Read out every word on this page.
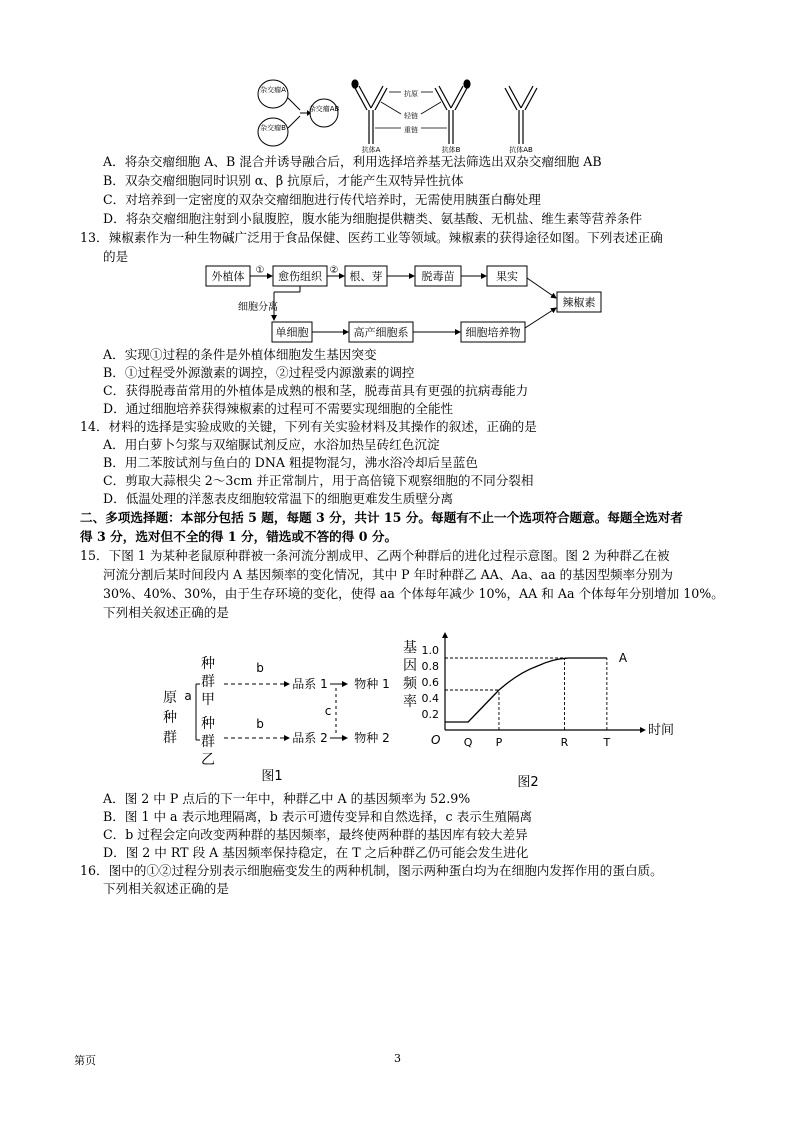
杂交瘤A
杂交瘤B
杂交瘤AB
抗体A	抗体B
抗原
轻链
重链
抗体AB
A．将杂交瘤细胞 A、B 混合并诱导融合后，利用选择培养基无法筛选出双杂交瘤细胞 AB
B．双杂交瘤细胞同时识别 α、β 抗原后，才能产生双特异性抗体
C．对培养到一定密度的双杂交瘤细胞进行传代培养时，无需使用胰蛋白酶处理
D．将杂交瘤细胞注射到小鼠腹腔，腹水能为细胞提供糖类、氨基酸、无机盐、维生素等营养条件
13．辣椒素作为一种生物碱广泛用于食品保健、医药工业等领域。辣椒素的获得途径如图。下列表述正确
的是
外植体 ① 愈伤组织 ② 根、芽	脱毒苗	果实
辣椒素
细胞分离
单细胞	高产细胞系	细胞培养物
A．实现①过程的条件是外植体细胞发生基因突变
B．①过程受外源激素的调控，②过程受内源激素的调控
C．获得脱毒苗常用的外植体是成熟的根和茎，脱毒苗具有更强的抗病毒能力
D．通过细胞培养获得辣椒素的过程可不需要实现细胞的全能性
14．材料的选择是实验成败的关键，下列有关实验材料及其操作的叙述，正确的是
A．用白萝卜匀浆与双缩脲试剂反应，水浴加热呈砖红色沉淀
B．用二苯胺试剂与鱼白的 DNA 粗提物混匀，沸水浴冷却后呈蓝色
C．剪取大蒜根尖 2～3cm 并正常制片，用于高倍镜下观察细胞的不同分裂相
D．低温处理的洋葱表皮细胞较常温下的细胞更难发生质壁分离
二、多项选择题：本部分包括 5 题，每题 3 分，共计 15 分。每题有不止一个选项符合题意。每题全选对者
得 3 分，选对但不全的得 1 分，错选或不答的得 0 分。
15．下图 1 为某种老鼠原种群被一条河流分割成甲、乙两个种群后的进化过程示意图。图 2 为种群乙在被
河流分割后某时间段内 A 基因频率的变化情况，其中 P 年时种群乙 AA、Aa、aa 的基因型频率分别为
30%、40%、30%，由于生存环境的变化，使得 aa 个体每年减少 10%，AA 和 Aa 个体每年分别增加 10%。
下列相关叙述正确的是
原
种
群
a
种
群
甲
种
群
乙
b
b
品系 1
品系 2
物种 1
物种 2
c
图1
基
因
频
率
时间
O
0.2
0.4
0.6
0.8
1.0
Q P	R	T
A
图2
A．图 2 中 P 点后的下一年中，种群乙中 A 的基因频率为 52.9%
B．图 1 中 a 表示地理隔离，b 表示可遗传变异和自然选择，c 表示生殖隔离
C．b 过程会定向改变两种群的基因频率，最终使两种群的基因库有较大差异
D．图 2 中 RT 段 A 基因频率保持稳定，在 T 之后种群乙仍可能会发生进化
16．图中的①②过程分别表示细胞癌变发生的两种机制，图示两种蛋白均为在细胞内发挥作用的蛋白质。
下列相关叙述正确的是
第页	3
